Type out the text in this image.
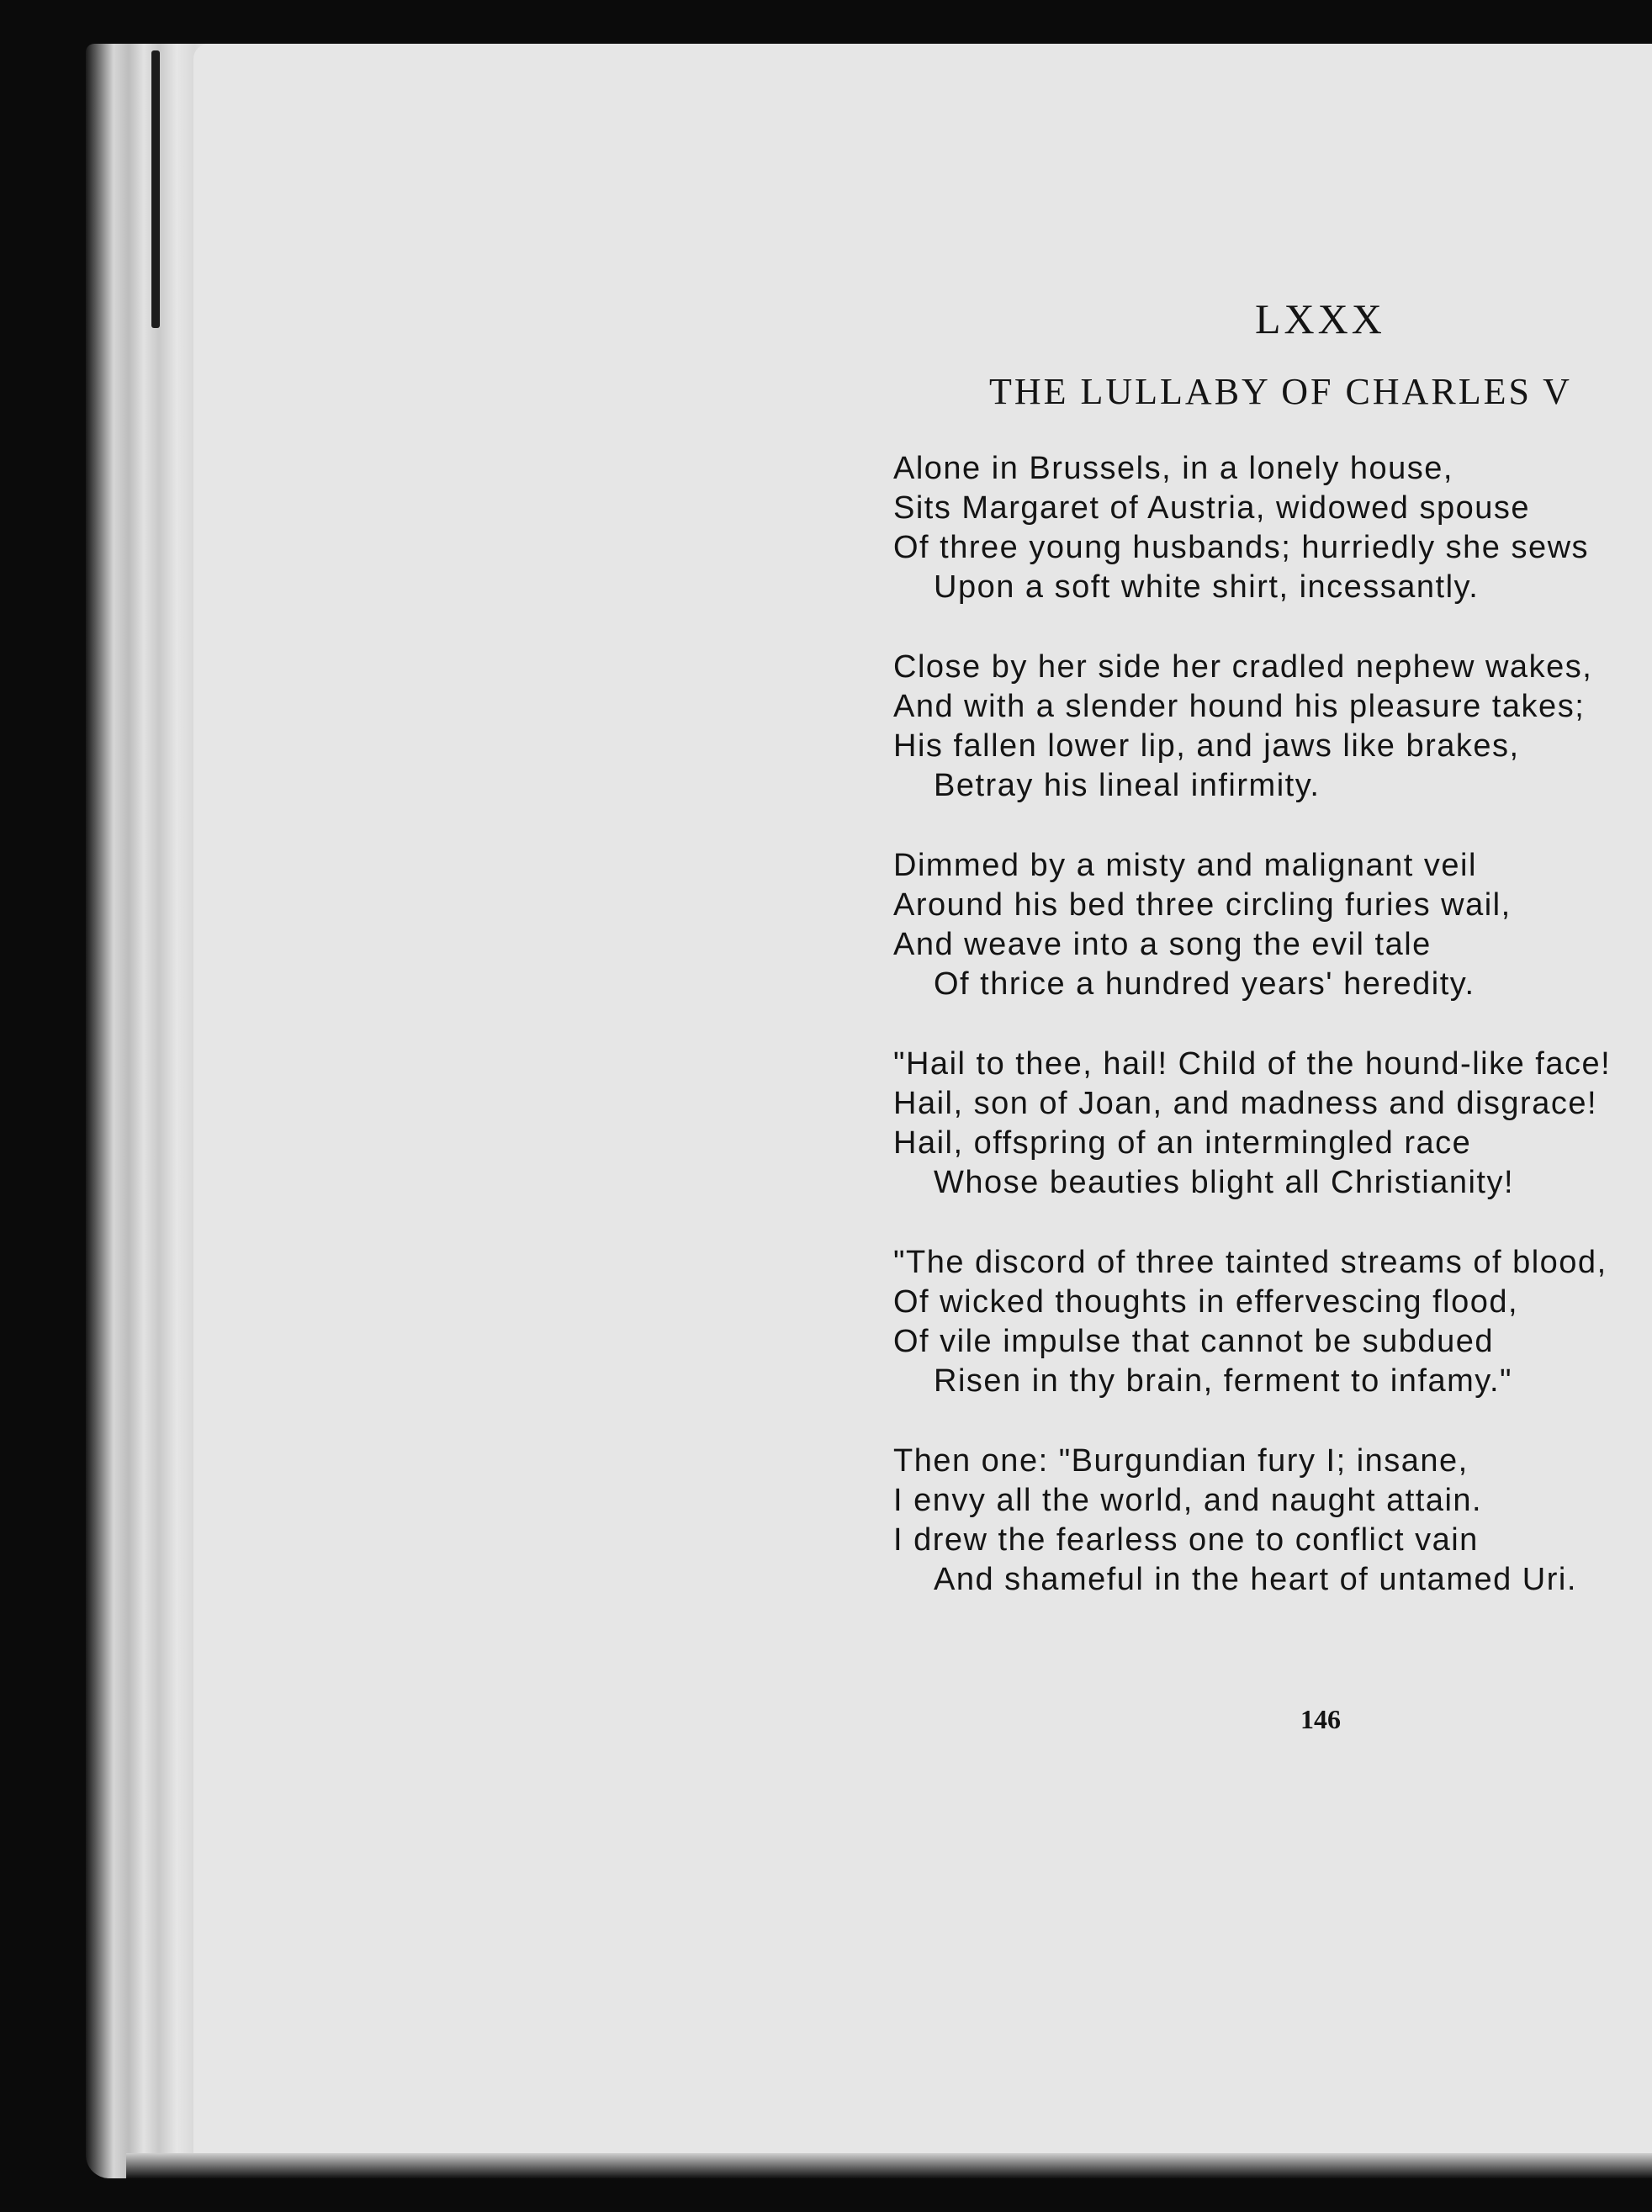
LXXX
THE LULLABY OF CHARLES V
Alone in Brussels, in a lonely house,
Sits Margaret of Austria, widowed spouse
Of three young husbands; hurriedly she sews
Upon a soft white shirt, incessantly.
Close by her side her cradled nephew wakes,
And with a slender hound his pleasure takes;
His fallen lower lip, and jaws like brakes,
Betray his lineal infirmity.
Dimmed by a misty and malignant veil
Around his bed three circling furies wail,
And weave into a song the evil tale
Of thrice a hundred years' heredity.
"Hail to thee, hail! Child of the hound-like face!
Hail, son of Joan, and madness and disgrace!
Hail, offspring of an intermingled race
Whose beauties blight all Christianity!
"The discord of three tainted streams of blood,
Of wicked thoughts in effervescing flood,
Of vile impulse that cannot be subdued
Risen in thy brain, ferment to infamy."
Then one: "Burgundian fury I; insane,
I envy all the world, and naught attain.
I drew the fearless one to conflict vain
And shameful in the heart of untamed Uri.

146
